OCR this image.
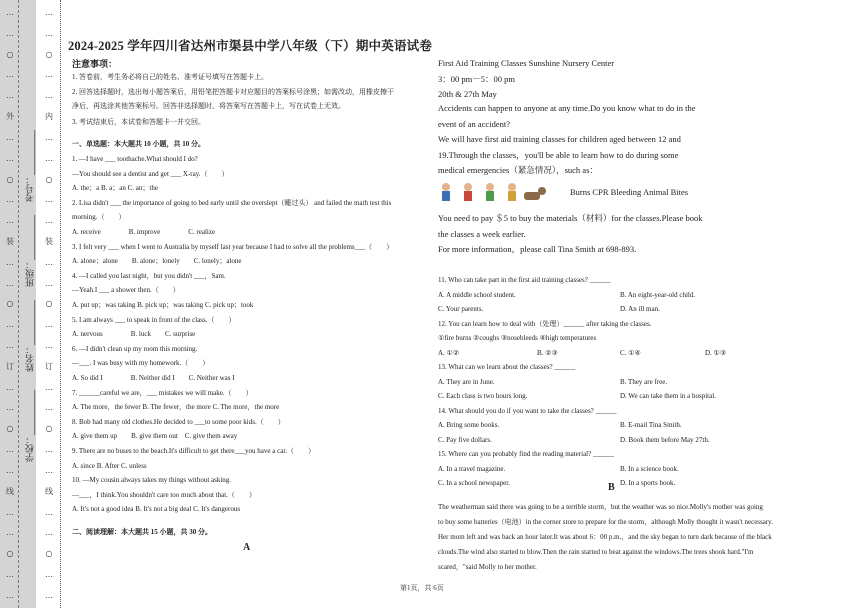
…
…
○
…
…
外
…
…
○
…
…
装
…
…
○
…
…
订
…
…
○
…
…
线
…
…
○
…
…
…
…
○
…
…
内
…
…
○
…
…
装
…
…
○
…
…
订
…
…
○
…
…
线
…
…
○
…
…
学校：__________
姓名：__________
班级：__________
考号：__________
2024-2025 学年四川省达州市渠县中学八年级（下）期中英语试卷
注意事项：
1. 答卷前，考生务必将自己的姓名、准考证号填写在答题卡上。
2. 回答选择题时，选出每小题答案后，用铅笔把答题卡对应题目的答案标号涂黑；如需改动，用橡皮擦干
净后，再选涂其他答案标号。回答非选择题时，将答案写在答题卡上，写在试卷上无效。
3. 考试结束后，本试卷和答题卡一并交回。
一、单选题：本大题共 10 小题，共 10 分。
1. —I have ___ toothache.What should I do?
—You should see a dentist and get ___ X-ray.（　　）
A. the；a B. a；an C. an；the
2. Lisa didn't ___ the importance of going to bed early until she overslept（睡过头） and failed the math test this
morning.（　　）
A. receive　　　　B. improve　　　　C. realize
3. I felt very ___ when I went to Australia by myself last year because I had to solve all the problems___（　　）
A. alone；alone　　B. alone；lonely　　C. lonely；alone
4. —I called you last night，but you didn't ___，Sam.
—Yeah.I ___ a shower then.（　　）
A. put up；was taking B. pick up；was taking C. pick up；took
5. I am always ___ to speak in front of the class.（　　）
A. nervous　　　　B. luck　　C. surprise
6. —I didn't clean up my room this morning.
—___. I was busy with my homework.（　　）
A. So did I　　　　B. Neither did I　　C. Neither was I
7. ______careful we are，___ mistakes we will make.（　　）
A. The more，the fewer B. The fewer，the more C. The more，the more
8. Bob had many old clothes.He decided to ___to some poor kids.（　　）
A. give them up　　B. give them out　C. give them away
9. There are no buses to the beach.It's difficult to get there___you have a car.（　　）
A. since B. After C. unless
10. —My cousin always takes my things without asking.
—___，I think.You shouldn't care too much about that.（　　）
A. It's not a good idea B. It's not a big deal C. It's dangerous
二、阅读理解：本大题共 15 小题，共 30 分。
A
First Aid Training Classes Sunshine Nursery Center
3：00 pm－5：00 pm
20th & 27th May
Accidents can happen to anyone at any time.Do you know what to do in the
event of an accident?
We will have first aid training classes for children aged between 12 and
19.Through the classes，you'll be able to learn how to do during some
medical emergencies（紧急情况），such as：
Burns CPR Bleeding Animal Bites
You need to pay ＄5 to buy the materials（材料）for the classes.Please book
the classes a week earlier.
For more information，please call Tina Smith at 698-893.
11. Who can take part in the first aid training classes? ______
A. A middle school student.	B. An eight-year-old child.
C. Your parents.	D. An ill man.
12. You can learn how to deal with（处理）______ after taking the classes.
①fire burns ②coughs ③nosebleeds ④high temperatures
A. ①②	B. ②③	C. ①④	D. ①③
13. What can we learn about the classes? ______
A. They are in June.	B. They are free.
C. Each class is two hours long.	D. We can take them in a hospital.
14. What should you do if you want to take the classes? ______
A. Bring some books.	B. E-mail Tina Smith.
C. Pay five dollars.	D. Book them before May 27th.
15. Where can you probably find the reading material? ______
A. In a travel magazine.	B. In a science book.
C. In a school newspaper.	D. In a sports book.
B
The weatherman said there was going to be a terrible storm，but the weather was so nice.Molly's mother was going
to buy some batteries（电池）in the corner store to prepare for the storm，although Molly thought it wasn't necessary.
Her mom left and was back an hour later.It was about 6：00 p.m.，and the sky began to turn dark because of the black
clouds.The wind also started to blow.Then the rain started to beat against the windows.The trees shook hard."I'm
scared，"said Molly to her mother.
第1页，共 6页
